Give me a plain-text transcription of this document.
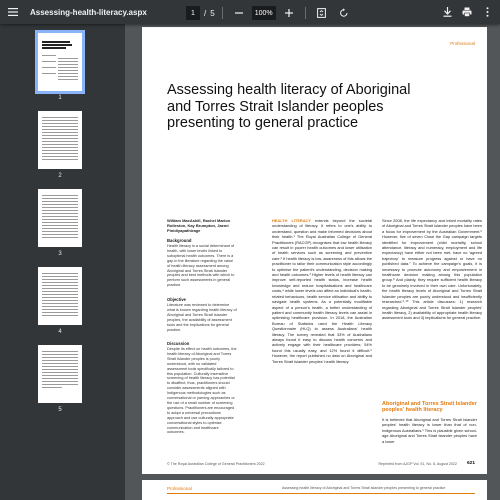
Assessing-health-literacy.aspx	1	/ 5	100%
1
2
3
4
5
Professional
Assessing health literacy of Aboriginal and Torres Strait Islander peoples presenting to general practice
William MacAskill, Rachel Marion Rolleston, Kay Brumpton, Jaemi Pinidiyapathirage
Background
Health literacy is a social determinant of health, with lower levels linked to suboptimal health outcomes. There is a gap in the literature regarding the value of health literacy assessment among Aboriginal and Torres Strait Islander peoples and best methods with which to perform such assessments in general practice.
Objective
Literature was reviewed to determine what is known regarding health literacy of Aboriginal and Torres Strait Islander peoples, the availability of assessment tools and the implications for general practice.
Discussion
Despite its effect on health outcomes, the health literacy of Aboriginal and Torres Strait Islander peoples is poorly understood, with no validated assessment tools specifically tailored to this population. Culturally insensitive screening of health literacy has potential to disaffect, thus, practitioners should consider assessments aligned with Indigenous methodologies such as conversational or yarning approaches or the use of a small number of screening questions. Practitioners are encouraged to adopt a universal precautions approach and use culturally appropriate conversational styles to optimise communication and healthcare outcomes.
HEALTH LITERACY extends beyond the societal understanding of literacy. It refers to one's ability to understand, question and make informed decisions about their health.¹ The Royal Australian College of General Practitioners (RACGP) recognises that low health literacy can result in poorer health outcomes and lower utilisation of health services such as screening and preventive care.² If health literacy is low, awareness of this allows the practitioner to tailor their communication style accordingly to optimise the patient's understanding, decision making and health outcomes.³ Higher levels of health literacy can improve self-reported health status, increase health knowledge and reduce hospitalisations and healthcare costs,⁴ while lower levels can affect an individual's health-related behaviours, health service utilisation and ability to navigate health systems. As a potentially modifiable aspect of a person's health, a better understanding of patient and community health literacy levels can assist in optimising healthcare provision. In 2018, the Australian Bureau of Statistics used the Health Literacy Questionnaire (HLQ) to assess Australians' health literacy. The survey revealed that 33% of Australians always found it easy to discuss health concerns and actively engage with their healthcare providers; 54% found this usually easy, and 12% found it difficult.⁵ However, the report published no data on Aboriginal and Torres Strait Islander peoples' health literacy.
Since 2008, the life expectancy and infant mortality rates of Aboriginal and Torres Strait Islander peoples have been a focus for improvement by the Australian Government.⁶ However, five of seven Close the Gap campaign targets identified for improvement (child mortality, school attendance, literacy and numeracy, employment and life expectancy) have either not been met, have no 'agreed trajectory' to measure progress against or have no published data.⁷ To achieve the campaign's goals, it is necessary to promote autonomy and empowerment in healthcare decision making among this population group.⁸ And plainly, they require sufficient health literacy to be genuinely involved in their own care. Unfortunately, the health literacy levels of Aboriginal and Torres Strait Islander peoples are poorly understood and insufficiently researched.⁹˒¹⁰ This article discusses: 1) research regarding Aboriginal and Torres Strait Islander peoples' health literacy, 2) availability of appropriate health literacy assessment tools and 3) implications for general practice.
Aboriginal and Torres Strait Islander peoples' health literacy
It is believed that Aboriginal and Torres Strait Islander peoples' health literacy is lower than that of non-Indigenous Australians.¹ This is plausible given school-age Aboriginal and Torres Strait Islander peoples have a lower
© The Royal Australian College of General Practitioners 2022	Reprinted from AJGP Vol. 51, No. 8, August 2022 621
Professional	Assessing health literacy of Aboriginal and Torres Strait Islander peoples presenting to general practice
